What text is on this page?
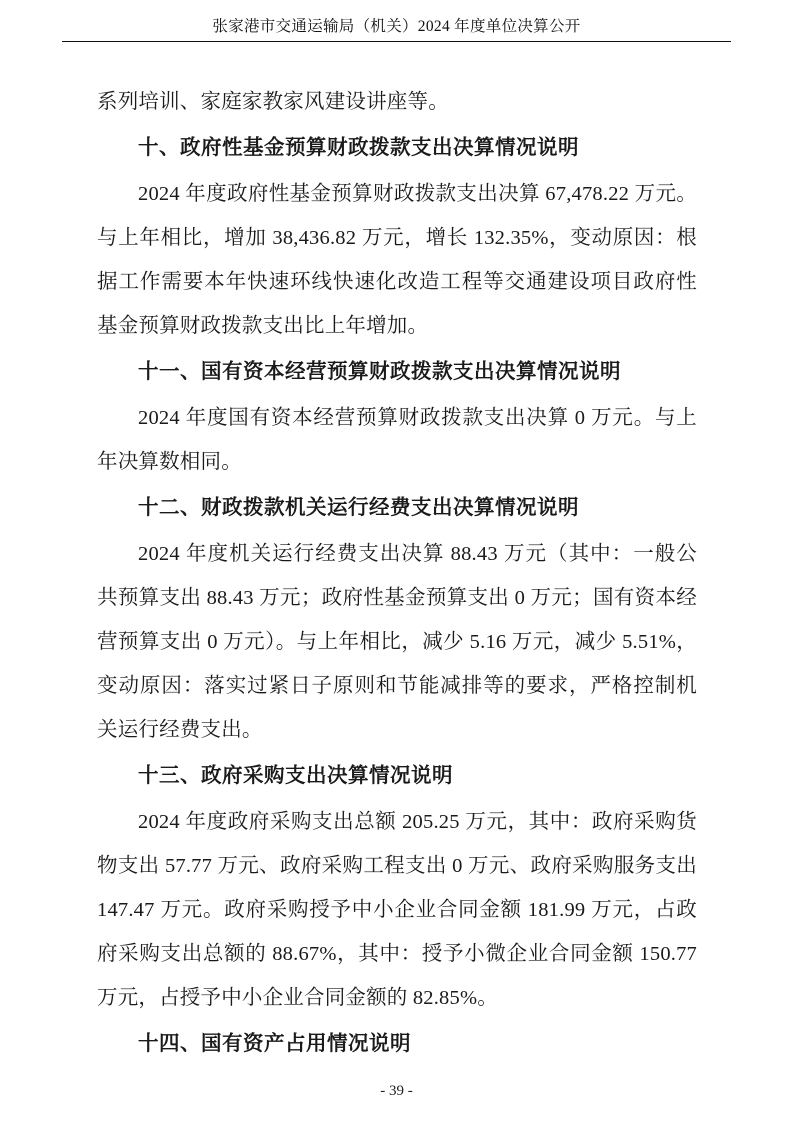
张家港市交通运输局（机关）2024 年度单位决算公开

系列培训、家庭家教家风建设讲座等。

十、政府性基金预算财政拨款支出决算情况说明

2024 年度政府性基金预算财政拨款支出决算 67,478.22 万元。与上年相比，增加 38,436.82 万元，增长 132.35%，变动原因：根据工作需要本年快速环线快速化改造工程等交通建设项目政府性基金预算财政拨款支出比上年增加。

十一、国有资本经营预算财政拨款支出决算情况说明

2024 年度国有资本经营预算财政拨款支出决算 0 万元。与上年决算数相同。

十二、财政拨款机关运行经费支出决算情况说明

2024 年度机关运行经费支出决算 88.43 万元（其中：一般公共预算支出 88.43 万元；政府性基金预算支出 0 万元；国有资本经营预算支出 0 万元）。与上年相比，减少 5.16 万元，减少 5.51%，变动原因：落实过紧日子原则和节能减排等的要求，严格控制机关运行经费支出。

十三、政府采购支出决算情况说明

2024 年度政府采购支出总额 205.25 万元，其中：政府采购货物支出 57.77 万元、政府采购工程支出 0 万元、政府采购服务支出 147.47 万元。政府采购授予中小企业合同金额 181.99 万元，占政府采购支出总额的 88.67%，其中：授予小微企业合同金额 150.77 万元，占授予中小企业合同金额的 82.85%。

十四、国有资产占用情况说明
- 39 -
